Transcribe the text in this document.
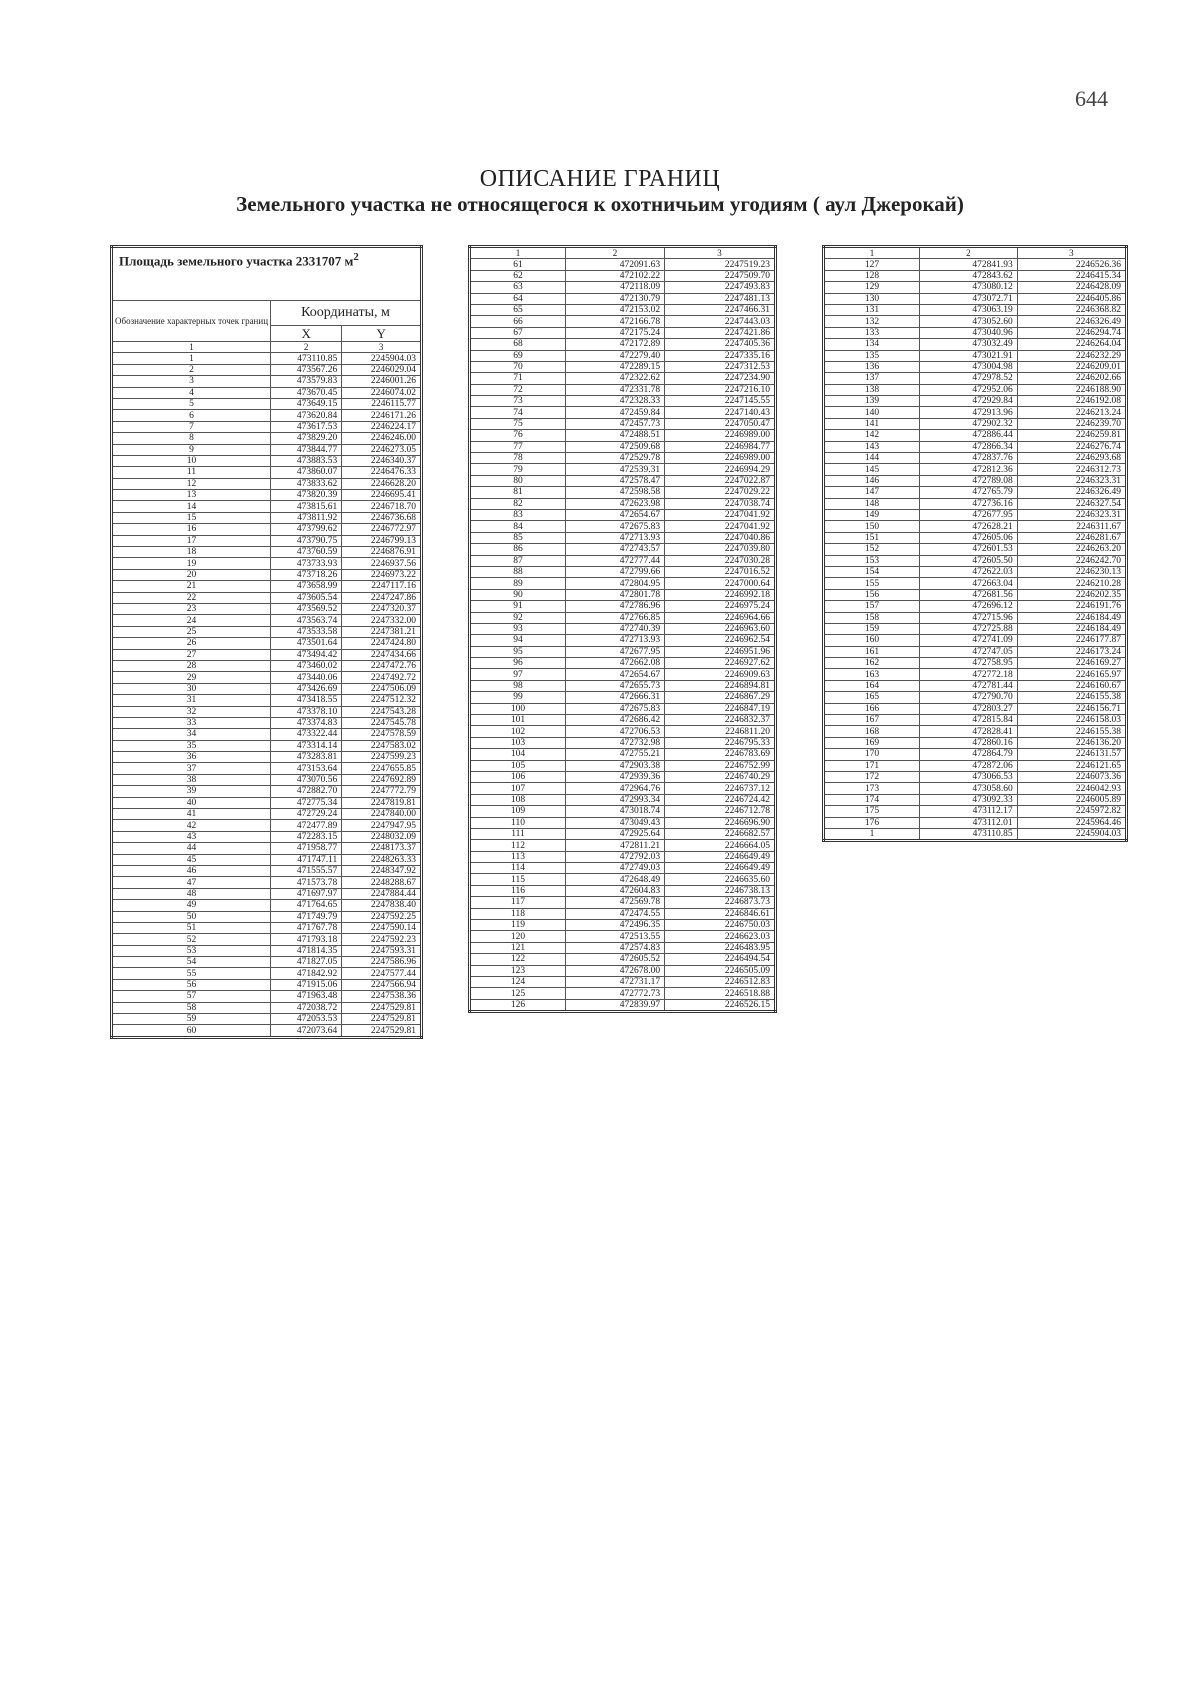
644
ОПИСАНИЕ ГРАНИЦ
Земельного участка не относящегося к охотничьим угодиям ( аул Джерокай)
Площадь земельного участка 2331707 $м^2$
Обозначение характерных точек границ	Координаты, м	
	X	Y
1	2	3
1	473110.85	2245904.03
2	473567.26	2246029.04
3	473579.83	2246001.26
4	473670.45	2246074.02
5	473649.15	2246115.77
6	473620.84	2246171.26
7	473617.53	2246224.17
8	473829.20	2246246.00
9	473844.77	2246273.05
10	473883.53	2246340.37
11	473860.07	2246476.33
12	473833.62	2246628.20
13	473820.39	2246695.41
14	473815.61	2246718.70
15	473811.92	2246736.68
16	473799.62	2246772.97
17	473790.75	2246799.13
18	473760.59	2246876.91
19	473733.93	2246937.56
20	473718.26	2246973.22
21	473658.99	2247117.16
22	473605.54	2247247.86
23	473569.52	2247320.37
24	473563.74	2247332.00
25	473533.58	2247381.21
26	473501.64	2247424.80
27	473494.42	2247434.66
28	473460.02	2247472.76
29	473440.06	2247492.72
30	473426.69	2247506.09
31	473418.55	2247512.32
32	473378.10	2247543.28
33	473374.83	2247545.78
34	473322.44	2247578.59
35	473314.14	2247583.02
36	473283.81	2247599.23
37	473153.64	2247655.85
38	473070.56	2247692.89
39	472882.70	2247772.79
40	472775.34	2247819.81
41	472729.24	2247840.00
42	472477.89	2247947.95
43	472283.15	2248032.09
44	471958.77	2248173.37
45	471747.11	2248263.33
46	471555.57	2248347.92
47	471573.78	2248288.67
48	471697.97	2247884.44
49	471764.65	2247838.40
50	471749.79	2247592.25
51	471767.78	2247590.14
52	471793.18	2247592.23
53	471814.35	2247593.31
54	471827.05	2247586.96
55	471842.92	2247577.44
56	471915.06	2247566.94
57	471963.48	2247538.36
58	472038.72	2247529.81
59	472053.53	2247529.81
60	472073.64	2247529.81
1	2	3
61	472091.63	2247519.23
62	472102.22	2247509.70
63	472118.09	2247493.83
64	472130.79	2247481.13
65	472153.02	2247466.31
66	472166.78	2247443.03
67	472175.24	2247421.86
68	472172.89	2247405.36
69	472279.40	2247335.16
70	472289.15	2247312.53
71	472322.62	2247234.90
72	472331.78	2247216.10
73	472328.33	2247145.55
74	472459.84	2247140.43
75	472457.73	2247050.47
76	472488.51	2246989.00
77	472509.68	2246984.77
78	472529.78	2246989.00
79	472539.31	2246994.29
80	472578.47	2247022.87
81	472598.58	2247029.22
82	472623.98	2247038.74
83	472654.67	2247041.92
84	472675.83	2247041.92
85	472713.93	2247040.86
86	472743.57	2247039.80
87	472777.44	2247030.28
88	472799.66	2247016.52
89	472804.95	2247000.64
90	472801.78	2246992.18
91	472786.96	2246975.24
92	472766.85	2246964.66
93	472740.39	2246963.60
94	472713.93	2246962.54
95	472677.95	2246951.96
96	472662.08	2246927.62
97	472654.67	2246909.63
98	472655.73	2246894.81
99	472666.31	2246867.29
100	472675.83	2246847.19
101	472686.42	2246832.37
102	472706.53	2246811.20
103	472732.98	2246795.33
104	472755.21	2246783.69
105	472903.38	2246752.99
106	472939.36	2246740.29
107	472964.76	2246737.12
108	472993.34	2246724.42
109	473018.74	2246712.78
110	473049.43	2246696.90
111	472925.64	2246682.57
112	472811.21	2246664.05
113	472792.03	2246649.49
114	472749.03	2246649.49
115	472648.49	2246635.60
116	472604.83	2246738.13
117	472569.78	2246873.73
118	472474.55	2246846.61
119	472496.35	2246750.03
120	472513.55	2246623.03
121	472574.83	2246483.95
122	472605.52	2246494.54
123	472678.00	2246505.09
124	472731.17	2246512.83
125	472772.73	2246518.88
126	472839.97	2246526.15
1	2	3
127	472841.93	2246526.36
128	472843.62	2246415.34
129	473080.12	2246428.09
130	473072.71	2246405.86
131	473063.19	2246368.82
132	473052.60	2246326.49
133	473040.96	2246294.74
134	473032.49	2246264.04
135	473021.91	2246232.29
136	473004.98	2246209.01
137	472978.52	2246202.66
138	472952.06	2246188.90
139	472929.84	2246192.08
140	472913.96	2246213.24
141	472902.32	2246239.70
142	472886.44	2246259.81
143	472866.34	2246276.74
144	472837.76	2246293.68
145	472812.36	2246312.73
146	472789.08	2246323.31
147	472765.79	2246326.49
148	472736.16	2246327.54
149	472677.95	2246323.31
150	472628.21	2246311.67
151	472605.06	2246281.67
152	472601.53	2246263.20
153	472605.50	2246242.70
154	472622.03	2246230.13
155	472663.04	2246210.28
156	472681.56	2246202.35
157	472696.12	2246191.76
158	472715.96	2246184.49
159	472725.88	2246184.49
160	472741.09	2246177.87
161	472747.05	2246173.24
162	472758.95	2246169.27
163	472772.18	2246165.97
164	472781.44	2246160.67
165	472790.70	2246155.38
166	472803.27	2246156.71
167	472815.84	2246158.03
168	472828.41	2246155.38
169	472860.16	2246136.20
170	472864.79	2246131.57
171	472872.06	2246121.65
172	473066.53	2246073.36
173	473058.60	2246042.93
174	473092.33	2246005.89
175	473112.17	2245972.82
176	473112.01	2245964.46
1	473110.85	2245904.03
